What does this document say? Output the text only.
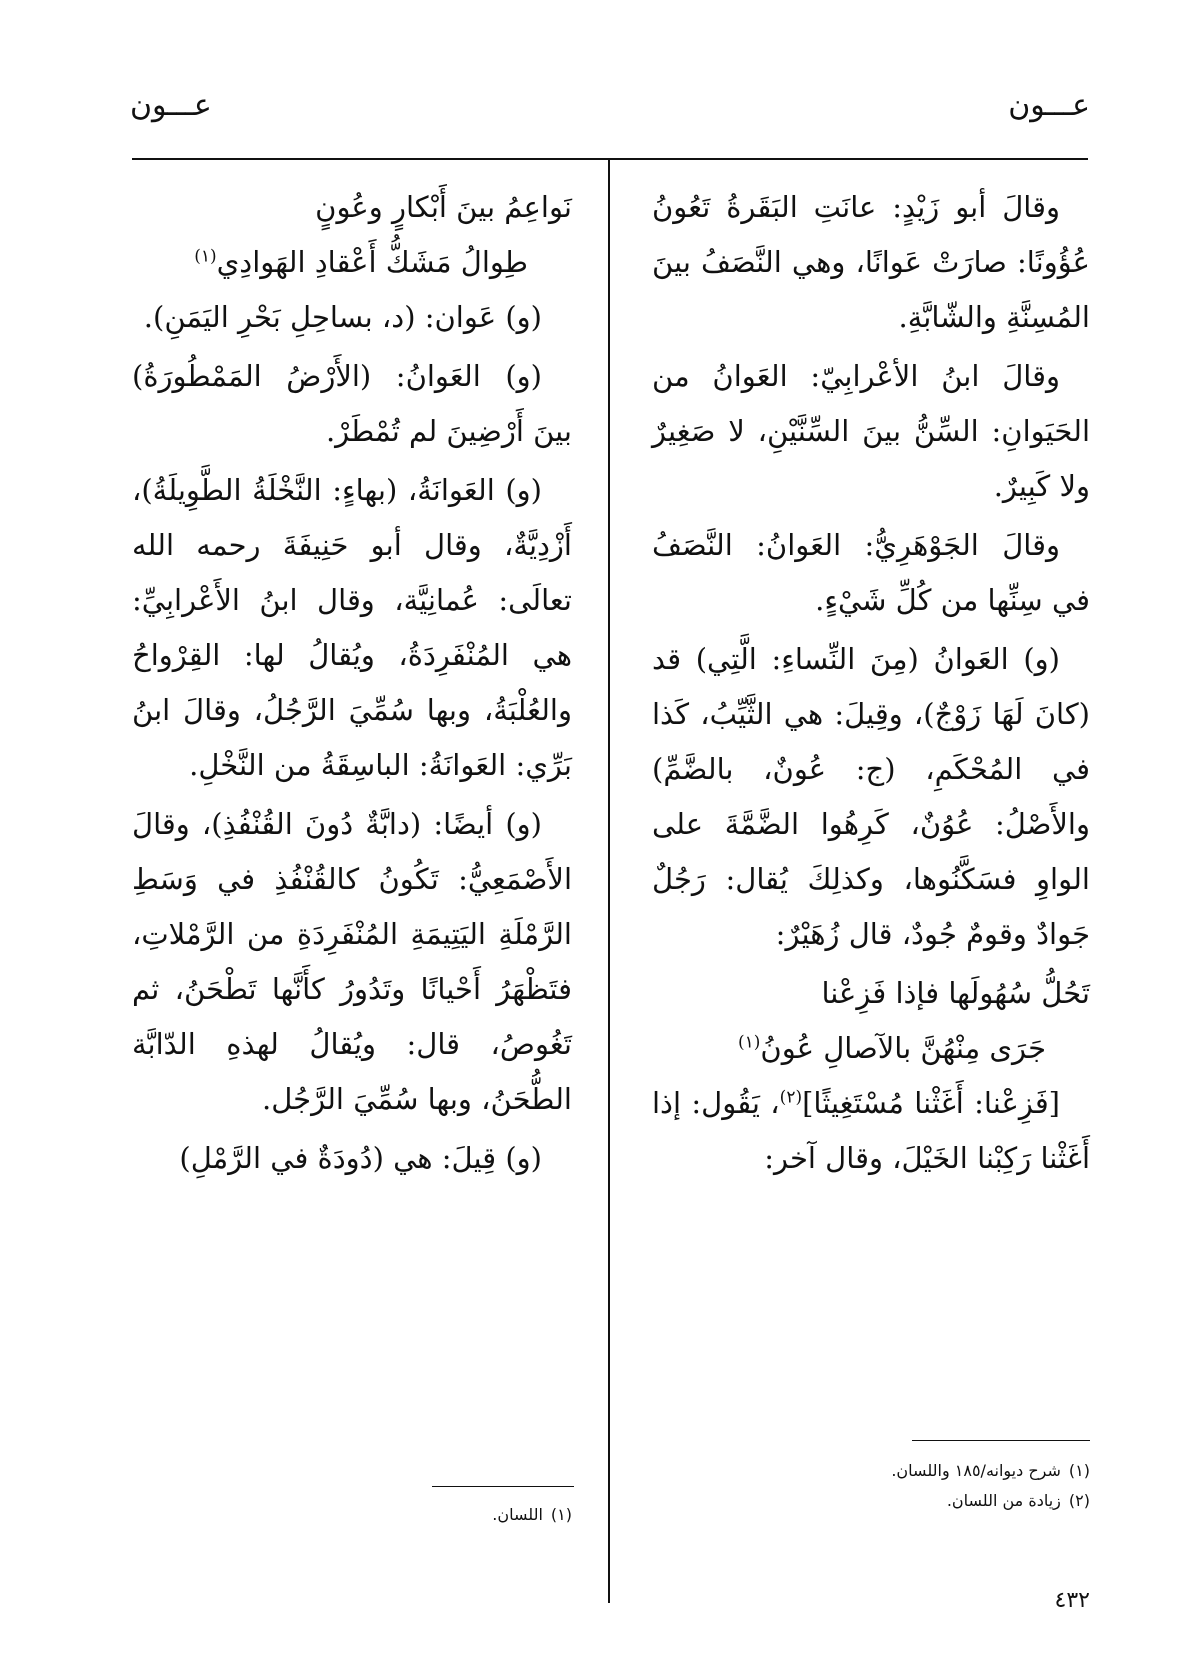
عـــون
عـــون

وقالَ أبو زَيْدٍ: عانَتِ البَقَرةُ تَعُونُ عُؤُونًا: صارَتْ عَوانًا، وهي النَّصَفُ بينَ المُسِنَّةِ والشّابَّةِ.

وقالَ ابنُ الأعْرابِيّ: العَوانُ من الحَيَوانِ: السِّنُّ بينَ السِّنَّيْنِ، لا صَغِيرٌ ولا كَبِيرٌ.

وقالَ الجَوْهَرِيُّ: العَوانُ: النَّصَفُ في سِنِّها من كُلِّ شَيْءٍ.

(و) العَوانُ (مِنَ النِّساءِ: الَّتِي) قد (كانَ لَهَا زَوْجٌ)، وقِيلَ: هي الثَّيِّبُ، كَذا في المُحْكَمِ، (ج: عُونٌ، بالضَّمِّ) والأَصْلُ: عُوُنٌ، كَرِهُوا الضَّمَّةَ على الواوِ فسَكَّنُوها، وكذلِكَ يُقال: رَجُلٌ جَوادٌ وقومٌ جُودٌ، قال زُهَيْرٌ:

تَحُلُّ سُهُولَها فإذا فَزِعْنا

جَرَى مِنْهُنَّ بالآصالِ عُونُ$^{(١)}$

[فَزِعْنا: أَغَثْنا مُسْتَغِيثًا]$^{(٢)}$، يَقُول: إذا أَغَثْنا رَكِبْنا الخَيْلَ، وقال آخر:

(١)شرح ديوانه/١٨٥ واللسان.

(٢)زيادة من اللسان.

نَواعِمُ بينَ أَبْكارٍ وعُونٍ

طِوالُ مَشَكُّ أَعْقادِ الهَوادِي$^{(١)}$

(و) عَوان: (د، بساحِلِ بَحْرِ اليَمَنِ).

(و) العَوانُ: (الأَرْضُ المَمْطُورَةُ) بينَ أَرْضِينَ لم تُمْطَرْ.

(و) العَوانَةُ، (بهاءٍ: النَّخْلَةُ الطَّوِيلَةُ)، أَزْدِيَّةٌ، وقال أبو حَنِيفَةَ رحمه الله تعالَى: عُمانِيَّة، وقال ابنُ الأَعْرابِيِّ: هي المُنْفَرِدَةُ، ويُقالُ لها: القِرْواحُ والعُلْبَةُ، وبها سُمِّيَ الرَّجُلُ، وقالَ ابنُ بَرِّي: العَوانَةُ: الباسِقَةُ من النَّخْلِ.

(و) أيضًا: (دابَّةٌ دُونَ القُنْفُذِ)، وقالَ الأَصْمَعِيُّ: تَكُونُ كالقُنْفُذِ في وَسَطِ الرَّمْلَةِ اليَتِيمَةِ المُنْفَرِدَةِ من الرَّمْلاتِ، فتَظْهَرُ أَحْيانًا وتَدُورُ كأَنَّها تَطْحَنُ، ثم تَغُوصُ، قال: ويُقالُ لهذهِ الدّابَّة الطُّحَنُ، وبها سُمِّيَ الرَّجُل.

(و) قِيلَ: هي (دُودَةٌ في الرَّمْلِ)

(١)اللسان.

٤٣٢
